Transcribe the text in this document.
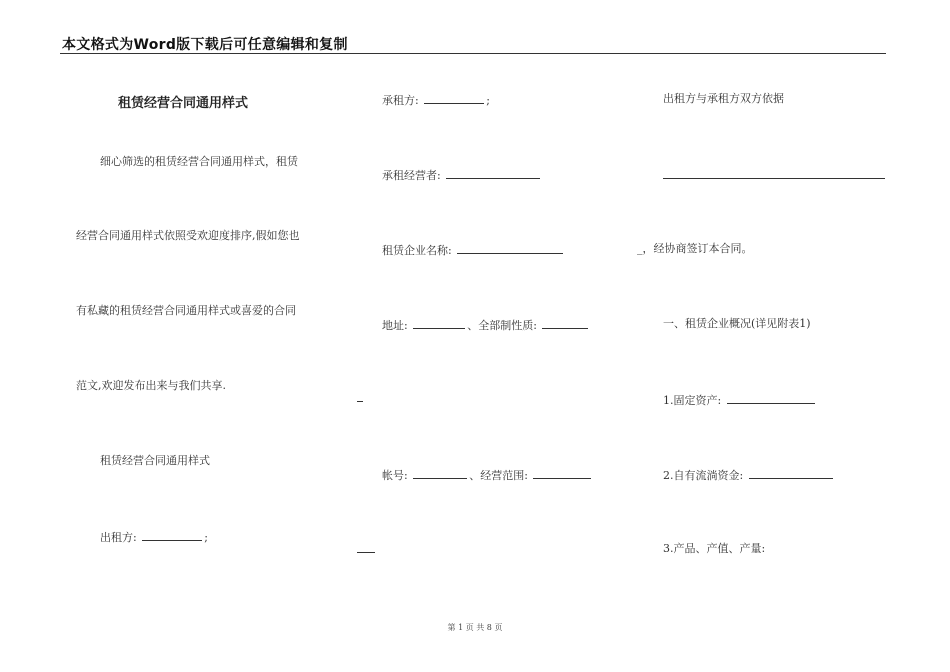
本文格式为Word版下载后可任意编辑和复制
租赁经营合同通用样式
细心筛选的租赁经营合同通用样式，租赁
经营合同通用样式依照受欢迎度排序,假如您也
有私藏的租赁经营合同通用样式或喜爱的合同
范文,欢迎发布出来与我们共享.
租赁经营合同通用样式
出租方:	;
承租方:	;
承租经营者:
租赁企业名称:
地址:	、全部制性质:
帐号:	、经营范围:
出租方与承租方双方依据
_，经协商签订本合同。
一、租赁企业概况(详见附表1)
1.固定资产:
2.自有流淌资金:
3.产品、产值、产量:
第 1 页 共 8 页
